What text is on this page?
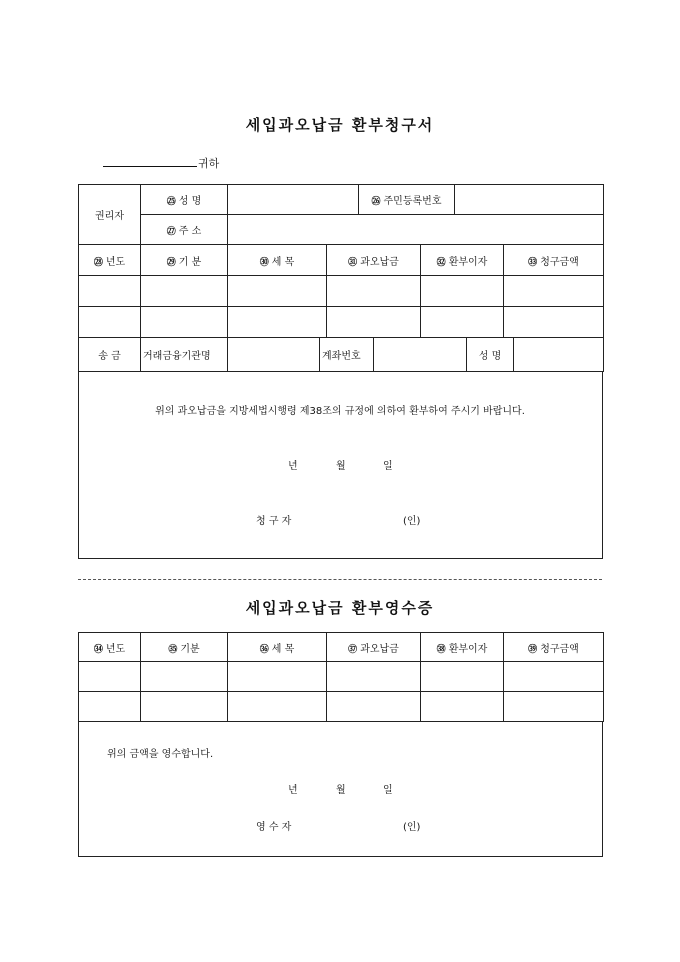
세입과오납금 환부청구서
귀하
권리자	㉕ 성 명		㉖ 주민등록번호	
	㉗ 주 소			
㉘ 년도	㉙ 기 분	㉚ 세 목	㉛ 과오납금	㉜ 환부이자	㉝ 청구금액

송 금	거래금융기관명		계좌번호		성 명	
위의 과오납금을 지방세법시행령 제38조의 규정에 의하여 환부하여 주시기 바랍니다.
년	월	일
청 구 자	(인)
세입과오납금 환부영수증
㉞ 년도	㉟ 기분	㊱ 세 목	㊲ 과오납금	㊳ 환부이자	㊴ 청구금액

위의 금액을 영수합니다.
년	월	일
영 수 자	(인)
